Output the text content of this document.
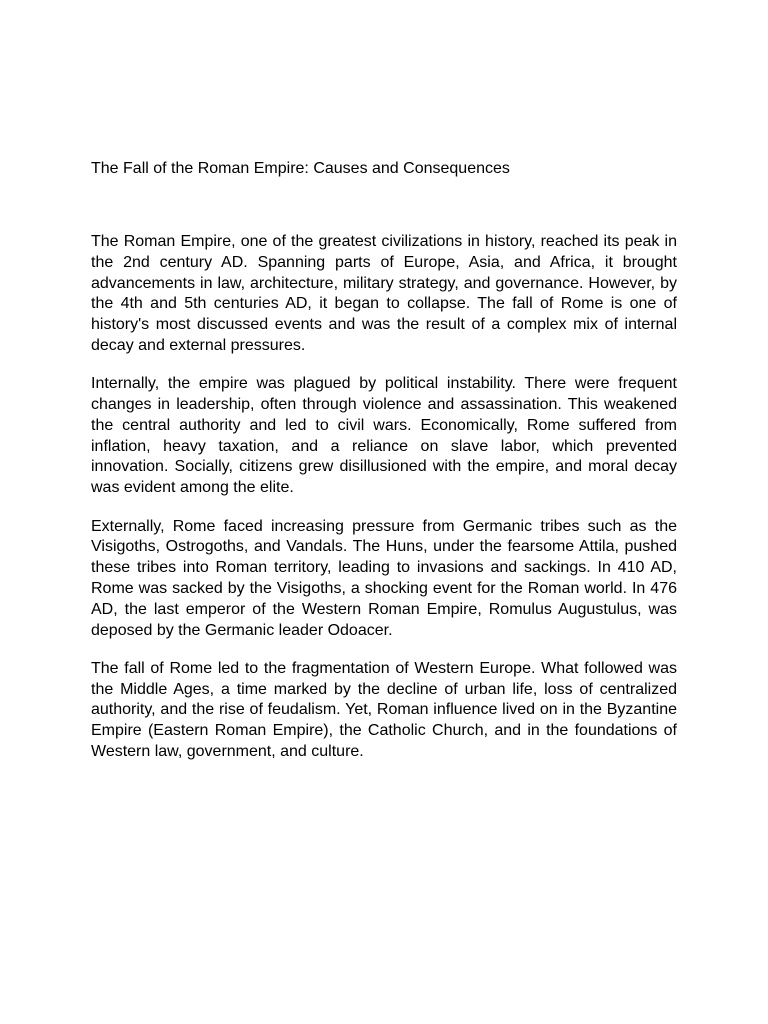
The Fall of the Roman Empire: Causes and Consequences

The Roman Empire, one of the greatest civilizations in history, reached its peak in the 2nd century AD. Spanning parts of Europe, Asia, and Africa, it brought advancements in law, architecture, military strategy, and governance. However, by the 4th and 5th centuries AD, it began to collapse. The fall of Rome is one of history's most discussed events and was the result of a complex mix of internal decay and external pressures.

Internally, the empire was plagued by political instability. There were frequent changes in leadership, often through violence and assassination. This weakened the central authority and led to civil wars. Economically, Rome suffered from inflation, heavy taxation, and a reliance on slave labor, which prevented innovation. Socially, citizens grew disillusioned with the empire, and moral decay was evident among the elite.

Externally, Rome faced increasing pressure from Germanic tribes such as the Visigoths, Ostrogoths, and Vandals. The Huns, under the fearsome Attila, pushed these tribes into Roman territory, leading to invasions and sackings. In 410 AD, Rome was sacked by the Visigoths, a shocking event for the Roman world. In 476 AD, the last emperor of the Western Roman Empire, Romulus Augustulus, was deposed by the Germanic leader Odoacer.

The fall of Rome led to the fragmentation of Western Europe. What followed was the Middle Ages, a time marked by the decline of urban life, loss of centralized authority, and the rise of feudalism. Yet, Roman influence lived on in the Byzantine Empire (Eastern Roman Empire), the Catholic Church, and in the foundations of Western law, government, and culture.
